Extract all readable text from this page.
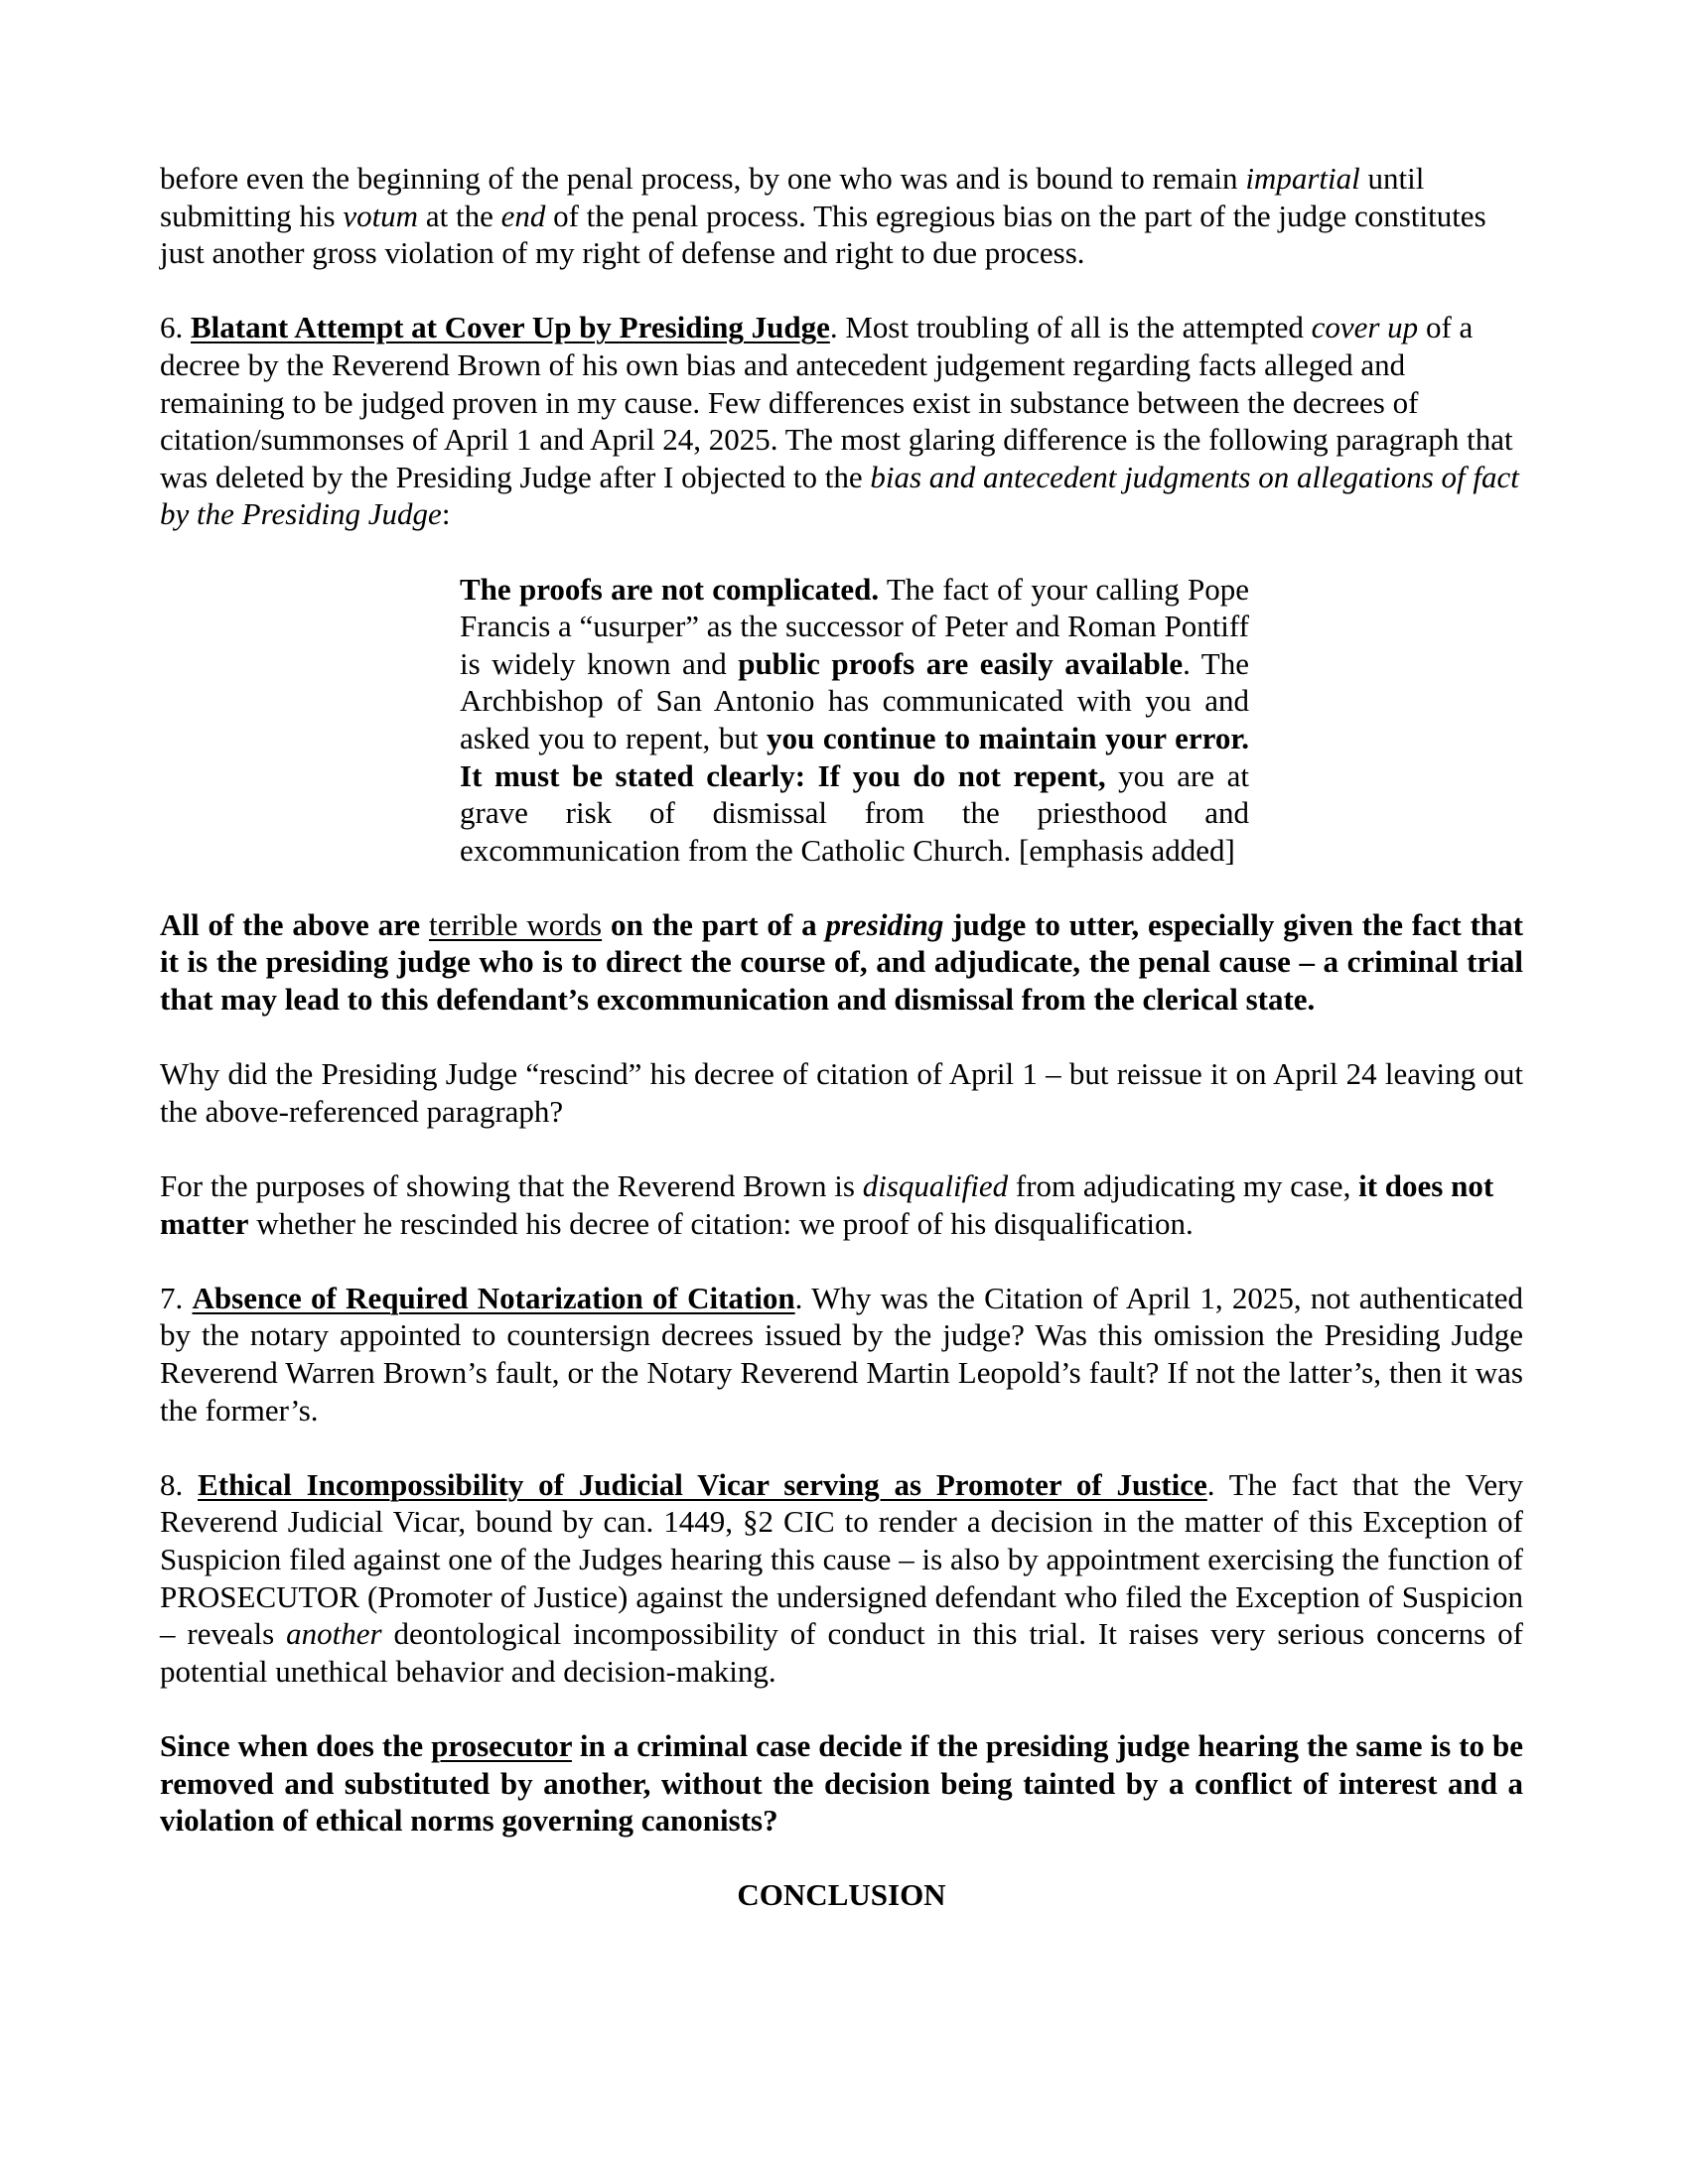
before even the beginning of the penal process, by one who was and is bound to remain impartial until submitting his votum at the end of the penal process. This egregious bias on the part of the judge constitutes just another gross violation of my right of defense and right to due process.

6. Blatant Attempt at Cover Up by Presiding Judge. Most troubling of all is the attempted cover up of a decree by the Reverend Brown of his own bias and antecedent judgement regarding facts alleged and remaining to be judged proven in my cause. Few differences exist in substance between the decrees of citation/summonses of April 1 and April 24, 2025. The most glaring difference is the following paragraph that was deleted by the Presiding Judge after I objected to the bias and antecedent judgments on allegations of fact by the Presiding Judge:

The proofs are not complicated. The fact of your calling Pope Francis a “usurper” as the successor of Peter and Roman Pontiff is widely known and public proofs are easily available. The Archbishop of San Antonio has communicated with you and asked you to repent, but you continue to maintain your error. It must be stated clearly: If you do not repent, you are at grave risk of dismissal from the priesthood and excommunication from the Catholic Church. [emphasis added]

All of the above are terrible words on the part of a presiding judge to utter, especially given the fact that it is the presiding judge who is to direct the course of, and adjudicate, the penal cause – a criminal trial that may lead to this defendant’s excommunication and dismissal from the clerical state.

Why did the Presiding Judge “rescind” his decree of citation of April 1 – but reissue it on April 24 leaving out the above-referenced paragraph?

For the purposes of showing that the Reverend Brown is disqualified from adjudicating my case, it does not matter whether he rescinded his decree of citation: we proof of his disqualification.

7. Absence of Required Notarization of Citation. Why was the Citation of April 1, 2025, not authenticated by the notary appointed to countersign decrees issued by the judge? Was this omission the Presiding Judge Reverend Warren Brown’s fault, or the Notary Reverend Martin Leopold’s fault? If not the latter’s, then it was the former’s.

8. Ethical Incompossibility of Judicial Vicar serving as Promoter of Justice. The fact that the Very Reverend Judicial Vicar, bound by can. 1449, §2 CIC to render a decision in the matter of this Exception of Suspicion filed against one of the Judges hearing this cause – is also by appointment exercising the function of PROSECUTOR (Promoter of Justice) against the undersigned defendant who filed the Exception of Suspicion – reveals another deontological incompossibility of conduct in this trial. It raises very serious concerns of potential unethical behavior and decision-making.

Since when does the prosecutor in a criminal case decide if the presiding judge hearing the same is to be removed and substituted by another, without the decision being tainted by a conflict of interest and a violation of ethical norms governing canonists?

CONCLUSION
